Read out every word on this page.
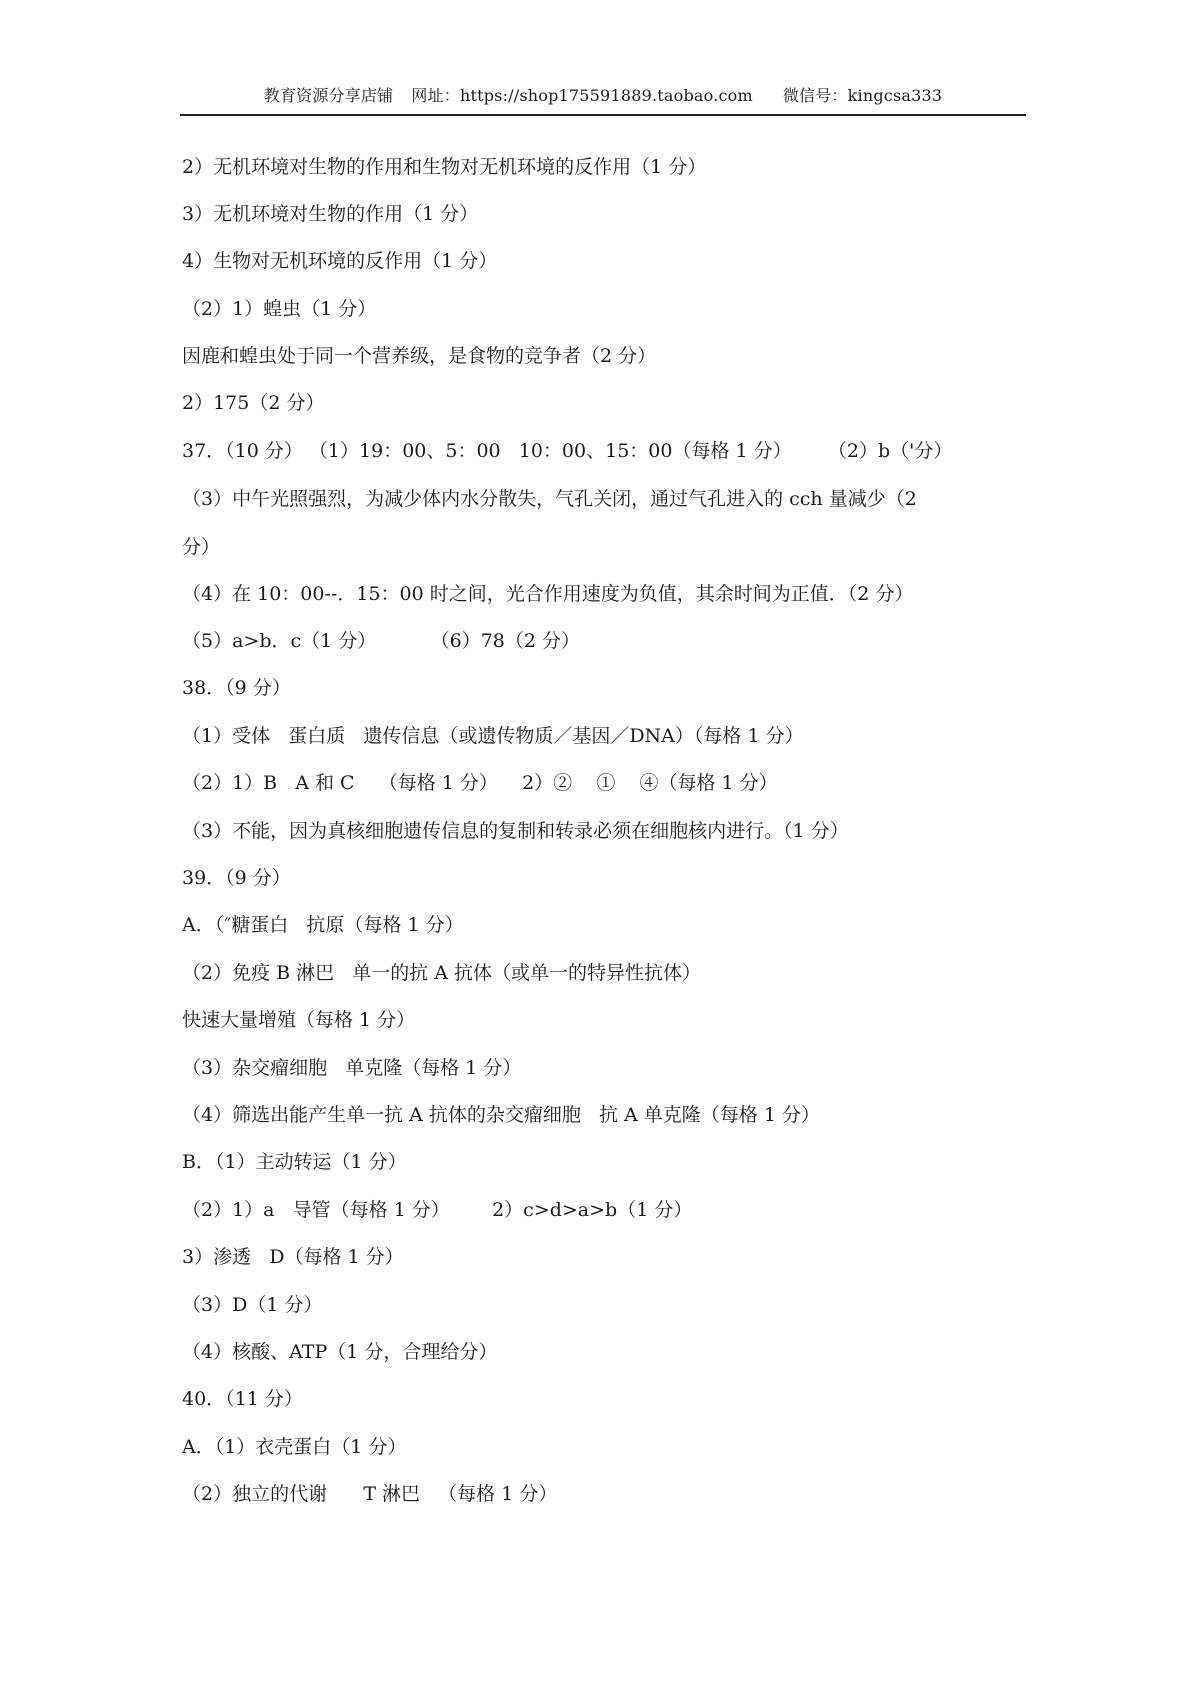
教育资源分享店铺 网址：https://shop175591889.taobao.com 微信号：kingcsa333
2）无机环境对生物的作用和生物对无机环境的反作用（1 分）
3）无机环境对生物的作用（1 分）
4）生物对无机环境的反作用（1 分）
（2）1）蝗虫（1 分）
因鹿和蝗虫处于同一个营养级，是食物的竞争者（2 分）
2）175（2 分）
37．（10 分） （1）19：00、5：00   10：00、15：00（每格 1 分）      （2）b（'分）
（3）中午光照强烈，为减少体内水分散失，气孔关闭，通过气孔进入的 cch 量减少（2
分）
（4）在 10：00--．15：00 时之间，光合作用速度为负值，其余时间为正值．（2 分）
（5）a>b．c（1 分）         （6）78（2 分）
38．（9 分）
（1）受体   蛋白质   遗传信息（或遗传物质／基因／DNA）（每格 1 分）
（2）1）B   A 和 C    （每格 1 分）    2）②    ①    ④（每格 1 分）
（3）不能，因为真核细胞遗传信息的复制和转录必须在细胞核内进行。（1 分）
39．（9 分）
A．（″糖蛋白   抗原（每格 1 分）
（2）免疫 B 淋巴   单一的抗 A 抗体（或单一的特异性抗体）
快速大量增殖（每格 1 分）
（3）杂交瘤细胞   单克隆（每格 1 分）
（4）筛选出能产生单一抗 A 抗体的杂交瘤细胞   抗 A 单克隆（每格 1 分）
B．（1）主动转运（1 分）
（2）1）a   导管（每格 1 分）       2）c>d>a>b（1 分）
3）渗透   D（每格 1 分）
（3）D（1 分）
（4）核酸、ATP（1 分，合理给分）
40．（11 分）
A．（1）衣壳蛋白（1 分）
（2）独立的代谢      T 淋巴   （每格 1 分）
